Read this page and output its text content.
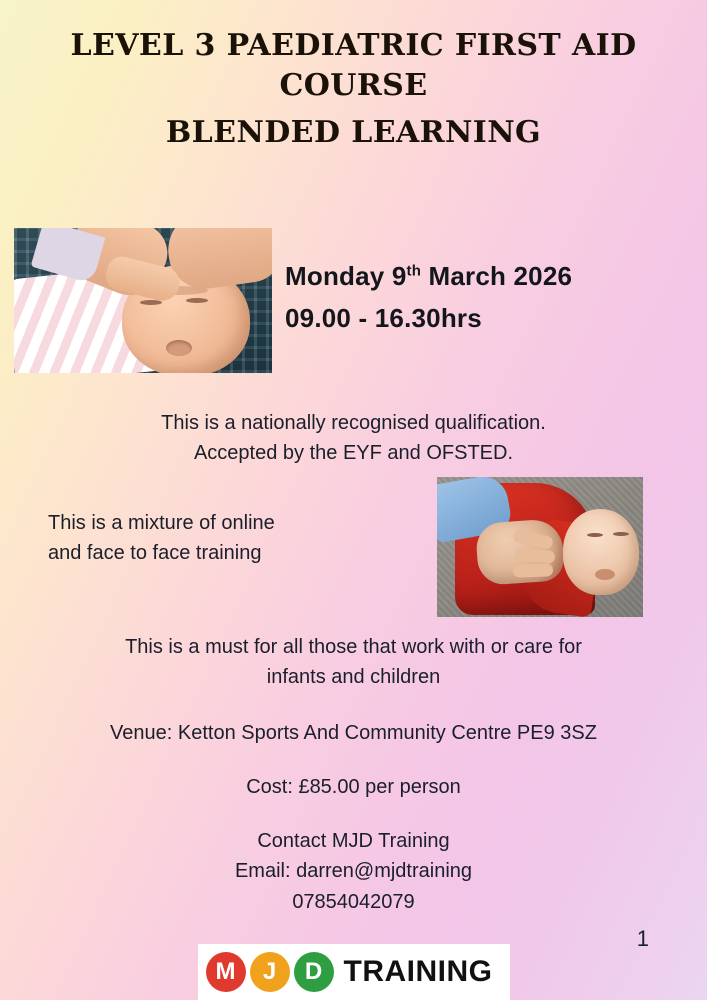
LEVEL 3 PAEDIATRIC FIRST AID
COURSE
BLENDED LEARNING
Monday 9th March 2026
09.00 - 16.30hrs
This is a nationally recognised qualification.
Accepted by the EYF and OFSTED.
This is a mixture of online
and face to face training
This is a must for all those that work with or care for
infants and children
Venue: Ketton Sports And Community Centre PE9 3SZ
Cost: £85.00 per person
Contact MJD Training
Email: darren@mjdtraining
07854042079
1
M	J	D TRAINING
